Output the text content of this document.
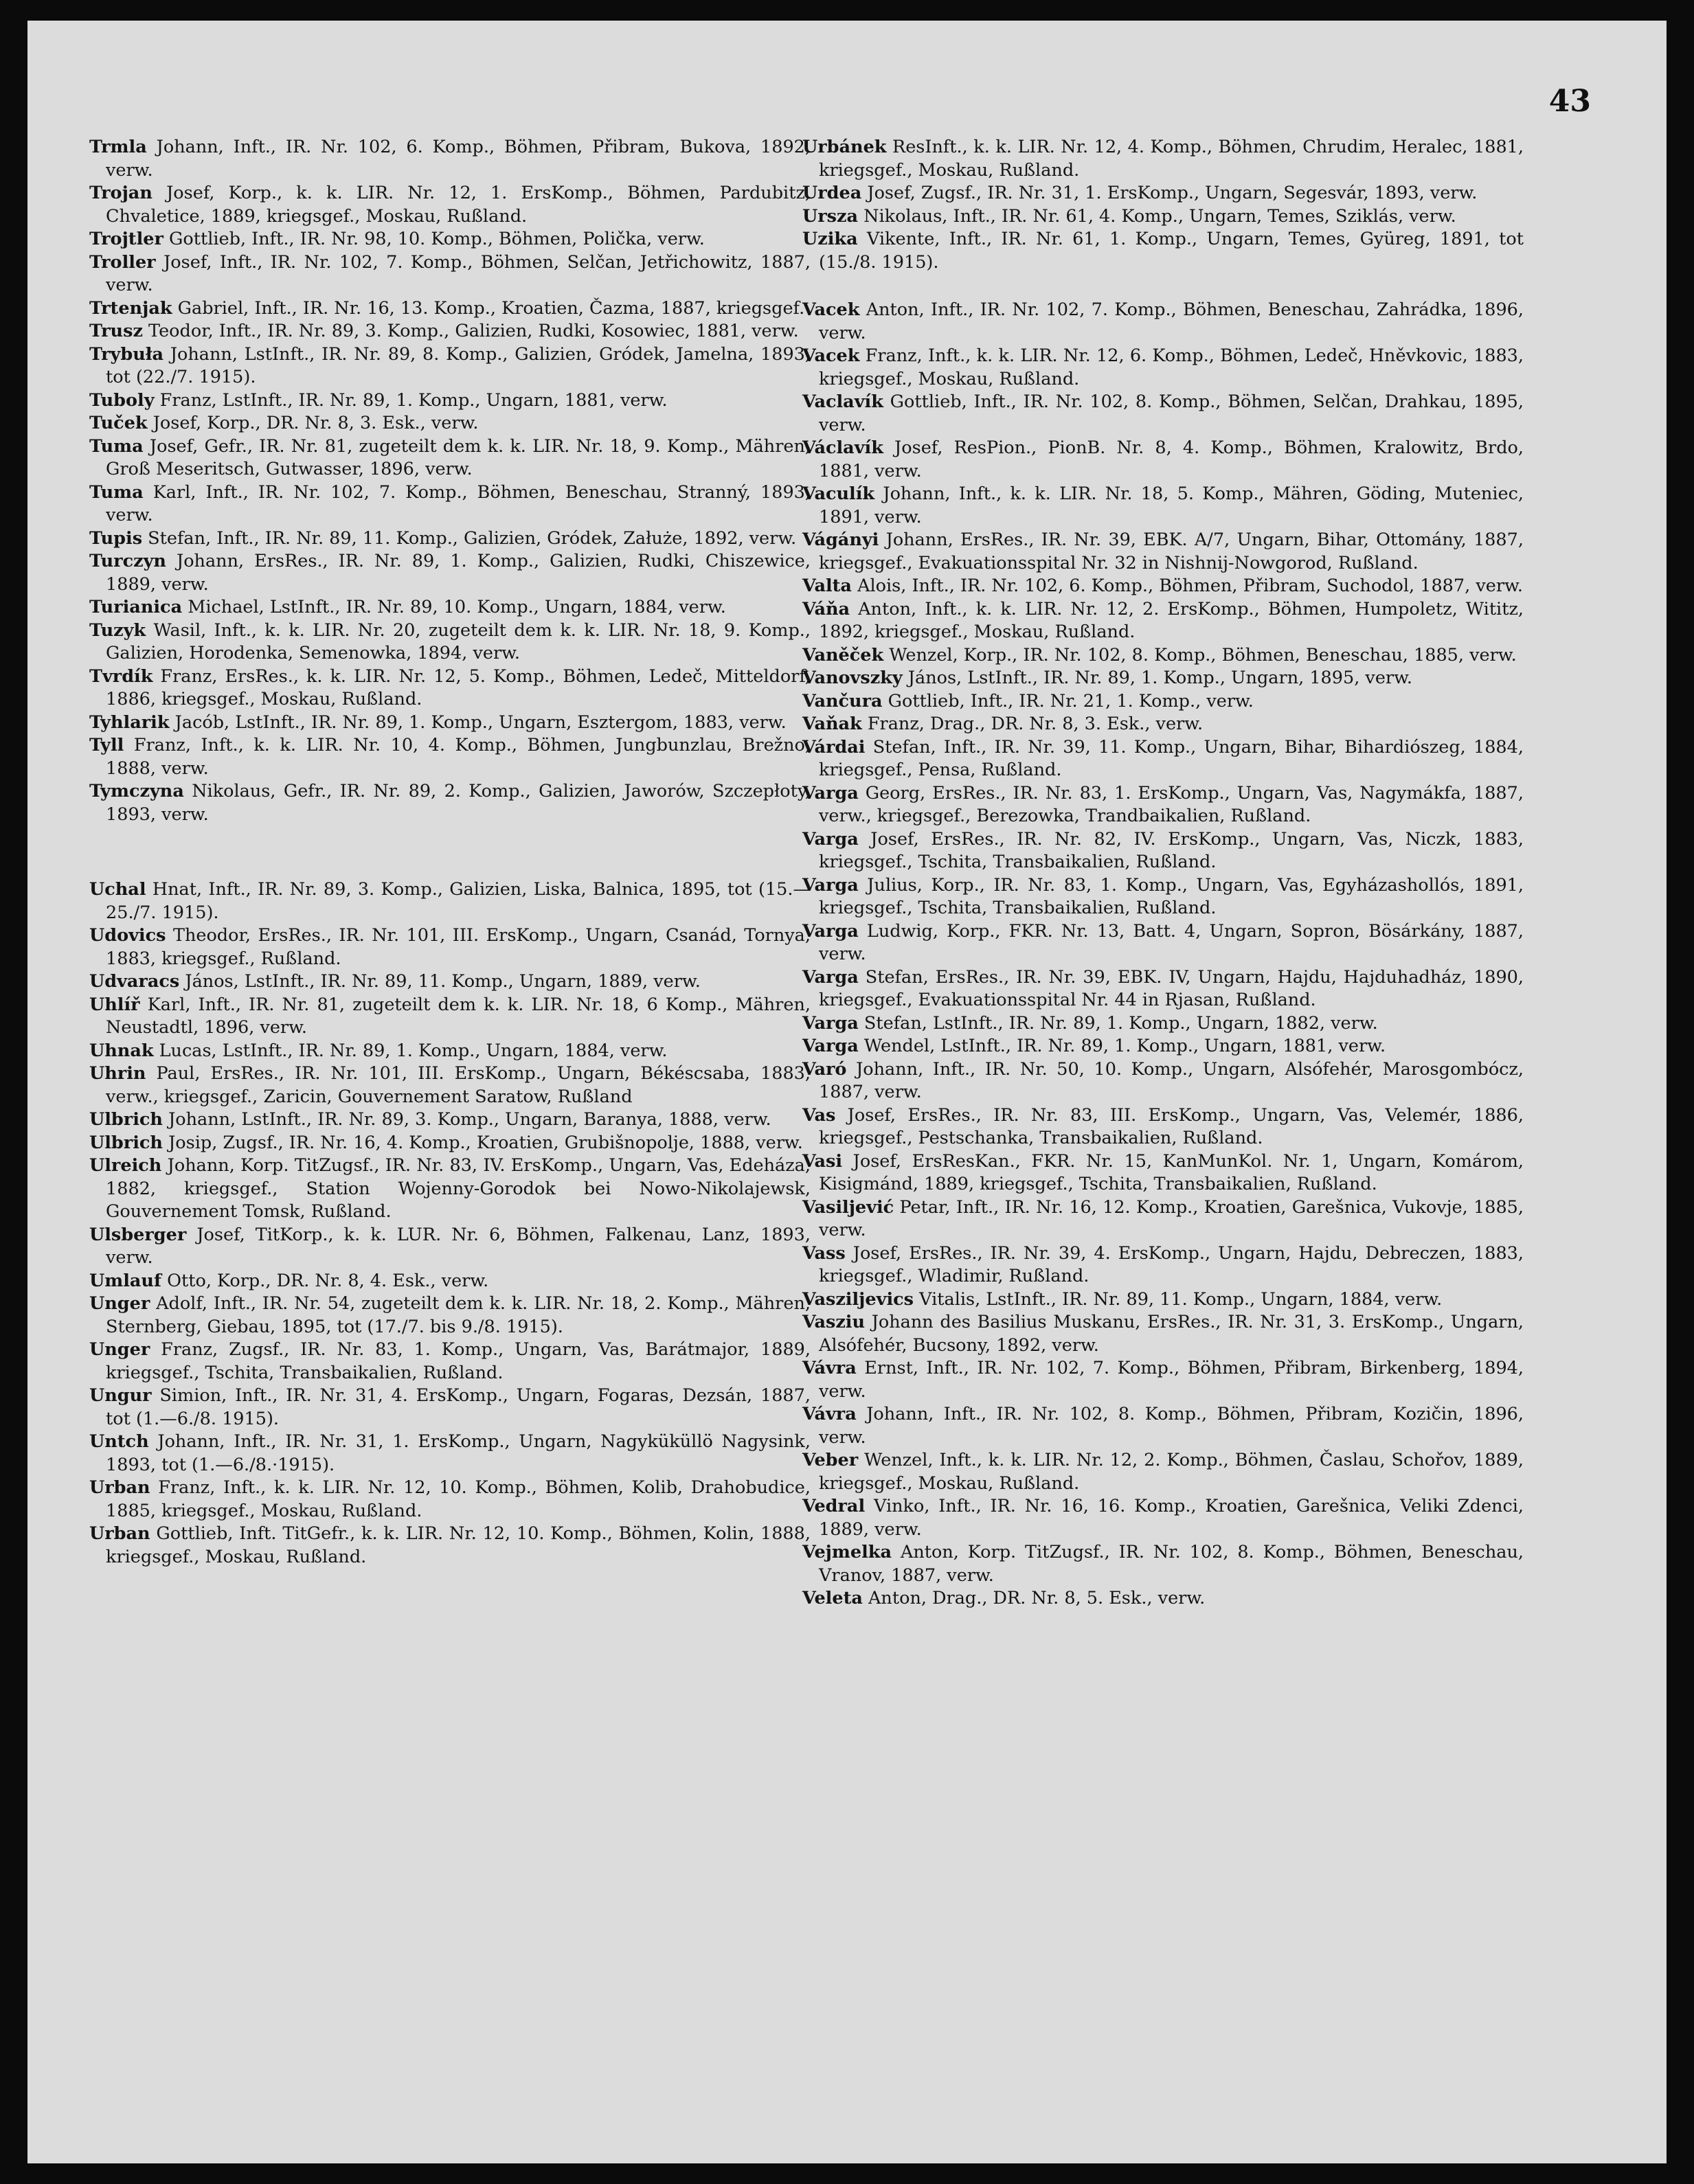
43

Trmla Johann, Inft., IR. Nr. 102, 6. Komp., Böhmen, Přibram, Bukova, 1892, verw.

Trojan Josef, Korp., k. k. LIR. Nr. 12, 1. ErsKomp., Böhmen, Pardubitz, Chvaletice, 1889, kriegsgef., Moskau, Rußland.

Trojtler Gottlieb, Inft., IR. Nr. 98, 10. Komp., Böhmen, Polička, verw.

Troller Josef, Inft., IR. Nr. 102, 7. Komp., Böhmen, Selčan, Jetřichowitz, 1887, verw.

Trtenjak Gabriel, Inft., IR. Nr. 16, 13. Komp., Kroatien, Čazma, 1887, kriegsgef.

Trusz Teodor, Inft., IR. Nr. 89, 3. Komp., Galizien, Rudki, Kosowiec, 1881, verw.

Trybuła Johann, LstInft., IR. Nr. 89, 8. Komp., Galizien, Gródek, Jamelna, 1893, tot (22./7. 1915).

Tuboly Franz, LstInft., IR. Nr. 89, 1. Komp., Ungarn, 1881, verw.

Tuček Josef, Korp., DR. Nr. 8, 3. Esk., verw.

Tuma Josef, Gefr., IR. Nr. 81, zugeteilt dem k. k. LIR. Nr. 18, 9. Komp., Mähren, Groß Meseritsch, Gutwasser, 1896, verw.

Tuma Karl, Inft., IR. Nr. 102, 7. Komp., Böhmen, Beneschau, Stranný, 1893, verw.

Tupis Stefan, Inft., IR. Nr. 89, 11. Komp., Galizien, Gródek, Załuże, 1892, verw.

Turczyn Johann, ErsRes., IR. Nr. 89, 1. Komp., Galizien, Rudki, Chiszewice, 1889, verw.

Turianica Michael, LstInft., IR. Nr. 89, 10. Komp., Ungarn, 1884, verw.

Tuzyk Wasil, Inft., k. k. LIR. Nr. 20, zugeteilt dem k. k. LIR. Nr. 18, 9. Komp., Galizien, Horodenka, Semenowka, 1894, verw.

Tvrdík Franz, ErsRes., k. k. LIR. Nr. 12, 5. Komp., Böhmen, Ledeč, Mitteldorf, 1886, kriegsgef., Moskau, Rußland.

Tyhlarik Jacób, LstInft., IR. Nr. 89, 1. Komp., Ungarn, Esztergom, 1883, verw.

Tyll Franz, Inft., k. k. LIR. Nr. 10, 4. Komp., Böhmen, Jungbunzlau, Brežno, 1888, verw.

Tymczyna Nikolaus, Gefr., IR. Nr. 89, 2. Komp., Galizien, Jaworów, Szczepłoty, 1893, verw.

Uchal Hnat, Inft., IR. Nr. 89, 3. Komp., Galizien, Liska, Balnica, 1895, tot (15.—25./7. 1915).

Udovics Theodor, ErsRes., IR. Nr. 101, III. ErsKomp., Ungarn, Csanád, Tornya, 1883, kriegsgef., Rußland.

Udvaracs János, LstInft., IR. Nr. 89, 11. Komp., Ungarn, 1889, verw.

Uhlíř Karl, Inft., IR. Nr. 81, zugeteilt dem k. k. LIR. Nr. 18, 6 Komp., Mähren, Neustadtl, 1896, verw.

Uhnak Lucas, LstInft., IR. Nr. 89, 1. Komp., Ungarn, 1884, verw.

Uhrin Paul, ErsRes., IR. Nr. 101, III. ErsKomp., Ungarn, Békéscsaba, 1883, verw., kriegsgef., Zaricin, Gouvernement Saratow, Rußland

Ulbrich Johann, LstInft., IR. Nr. 89, 3. Komp., Ungarn, Baranya, 1888, verw.

Ulbrich Josip, Zugsf., IR. Nr. 16, 4. Komp., Kroatien, Grubišnopolje, 1888, verw.

Ulreich Johann, Korp. TitZugsf., IR. Nr. 83, IV. ErsKomp., Ungarn, Vas, Edeháza, 1882, kriegsgef., Station Wojenny-Gorodok bei Nowo-Nikolajewsk, Gouvernement Tomsk, Rußland.

Ulsberger Josef, TitKorp., k. k. LUR. Nr. 6, Böhmen, Falkenau, Lanz, 1893, verw.

Umlauf Otto, Korp., DR. Nr. 8, 4. Esk., verw.

Unger Adolf, Inft., IR. Nr. 54, zugeteilt dem k. k. LIR. Nr. 18, 2. Komp., Mähren, Sternberg, Giebau, 1895, tot (17./7. bis 9./8. 1915).

Unger Franz, Zugsf., IR. Nr. 83, 1. Komp., Ungarn, Vas, Barátmajor, 1889, kriegsgef., Tschita, Transbaikalien, Rußland.

Ungur Simion, Inft., IR. Nr. 31, 4. ErsKomp., Ungarn, Fogaras, Dezsán, 1887, tot (1.—6./8. 1915).

Untch Johann, Inft., IR. Nr. 31, 1. ErsKomp., Ungarn, Nagyküküllö Nagysink, 1893, tot (1.—6./8.·1915).

Urban Franz, Inft., k. k. LIR. Nr. 12, 10. Komp., Böhmen, Kolib, Drahobudice, 1885, kriegsgef., Moskau, Rußland.

Urban Gottlieb, Inft. TitGefr., k. k. LIR. Nr. 12, 10. Komp., Böhmen, Kolin, 1888, kriegsgef., Moskau, Rußland.

Urbánek ResInft., k. k. LIR. Nr. 12, 4. Komp., Böhmen, Chrudim, Heralec, 1881, kriegsgef., Moskau, Rußland.

Urdea Josef, Zugsf., IR. Nr. 31, 1. ErsKomp., Ungarn, Segesvár, 1893, verw.

Ursza Nikolaus, Inft., IR. Nr. 61, 4. Komp., Ungarn, Temes, Sziklás, verw.

Uzika Vikente, Inft., IR. Nr. 61, 1. Komp., Ungarn, Temes, Gyüreg, 1891, tot (15./8. 1915).

Vacek Anton, Inft., IR. Nr. 102, 7. Komp., Böhmen, Beneschau, Zahrádka, 1896, verw.

Vacek Franz, Inft., k. k. LIR. Nr. 12, 6. Komp., Böhmen, Ledeč, Hněvkovic, 1883, kriegsgef., Moskau, Rußland.

Vaclavík Gottlieb, Inft., IR. Nr. 102, 8. Komp., Böhmen, Selčan, Drahkau, 1895, verw.

Václavík Josef, ResPion., PionB. Nr. 8, 4. Komp., Böhmen, Kralowitz, Brdo, 1881, verw.

Vaculík Johann, Inft., k. k. LIR. Nr. 18, 5. Komp., Mähren, Göding, Muteniec, 1891, verw.

Vágányi Johann, ErsRes., IR. Nr. 39, EBK. A/7, Ungarn, Bihar, Ottomány, 1887, kriegsgef., Evakuationsspital Nr. 32 in Nishnij-Nowgorod, Rußland.

Valta Alois, Inft., IR. Nr. 102, 6. Komp., Böhmen, Přibram, Suchodol, 1887, verw.

Váňa Anton, Inft., k. k. LIR. Nr. 12, 2. ErsKomp., Böhmen, Humpoletz, Wititz, 1892, kriegsgef., Moskau, Rußland.

Vaněček Wenzel, Korp., IR. Nr. 102, 8. Komp., Böhmen, Beneschau, 1885, verw.

Vanovszky János, LstInft., IR. Nr. 89, 1. Komp., Ungarn, 1895, verw.

Vančura Gottlieb, Inft., IR. Nr. 21, 1. Komp., verw.

Vaňak Franz, Drag., DR. Nr. 8, 3. Esk., verw.

Várdai Stefan, Inft., IR. Nr. 39, 11. Komp., Ungarn, Bihar, Bihardiószeg, 1884, kriegsgef., Pensa, Rußland.

Varga Georg, ErsRes., IR. Nr. 83, 1. ErsKomp., Ungarn, Vas, Nagymákfa, 1887, verw., kriegsgef., Berezowka, Trandbaikalien, Rußland.

Varga Josef, ErsRes., IR. Nr. 82, IV. ErsKomp., Ungarn, Vas, Niczk, 1883, kriegsgef., Tschita, Transbaikalien, Rußland.

Varga Julius, Korp., IR. Nr. 83, 1. Komp., Ungarn, Vas, Egyházashollós, 1891, kriegsgef., Tschita, Transbaikalien, Rußland.

Varga Ludwig, Korp., FKR. Nr. 13, Batt. 4, Ungarn, Sopron, Bösárkány, 1887, verw.

Varga Stefan, ErsRes., IR. Nr. 39, EBK. IV, Ungarn, Hajdu, Hajduhadház, 1890, kriegsgef., Evakuationsspital Nr. 44 in Rjasan, Rußland.

Varga Stefan, LstInft., IR. Nr. 89, 1. Komp., Ungarn, 1882, verw.

Varga Wendel, LstInft., IR. Nr. 89, 1. Komp., Ungarn, 1881, verw.

Varó Johann, Inft., IR. Nr. 50, 10. Komp., Ungarn, Alsófehér, Marosgombócz, 1887, verw.

Vas Josef, ErsRes., IR. Nr. 83, III. ErsKomp., Ungarn, Vas, Velemér, 1886, kriegsgef., Pestschanka, Transbaikalien, Rußland.

Vasi Josef, ErsResKan., FKR. Nr. 15, KanMunKol. Nr. 1, Ungarn, Komárom, Kisigmánd, 1889, kriegsgef., Tschita, Transbaikalien, Rußland.

Vasiljević Petar, Inft., IR. Nr. 16, 12. Komp., Kroatien, Garešnica, Vukovje, 1885, verw.

Vass Josef, ErsRes., IR. Nr. 39, 4. ErsKomp., Ungarn, Hajdu, Debreczen, 1883, kriegsgef., Wladimir, Rußland.

Vasziljevics Vitalis, LstInft., IR. Nr. 89, 11. Komp., Ungarn, 1884, verw.

Vasziu Johann des Basilius Muskanu, ErsRes., IR. Nr. 31, 3. ErsKomp., Ungarn, Alsófehér, Bucsony, 1892, verw.

Vávra Ernst, Inft., IR. Nr. 102, 7. Komp., Böhmen, Přibram, Birkenberg, 1894, verw.

Vávra Johann, Inft., IR. Nr. 102, 8. Komp., Böhmen, Přibram, Kozičin, 1896, verw.

Veber Wenzel, Inft., k. k. LIR. Nr. 12, 2. Komp., Böhmen, Časlau, Schořov, 1889, kriegsgef., Moskau, Rußland.

Vedral Vinko, Inft., IR. Nr. 16, 16. Komp., Kroatien, Garešnica, Veliki Zdenci, 1889, verw.

Vejmelka Anton, Korp. TitZugsf., IR. Nr. 102, 8. Komp., Böhmen, Beneschau, Vranov, 1887, verw.

Veleta Anton, Drag., DR. Nr. 8, 5. Esk., verw.
